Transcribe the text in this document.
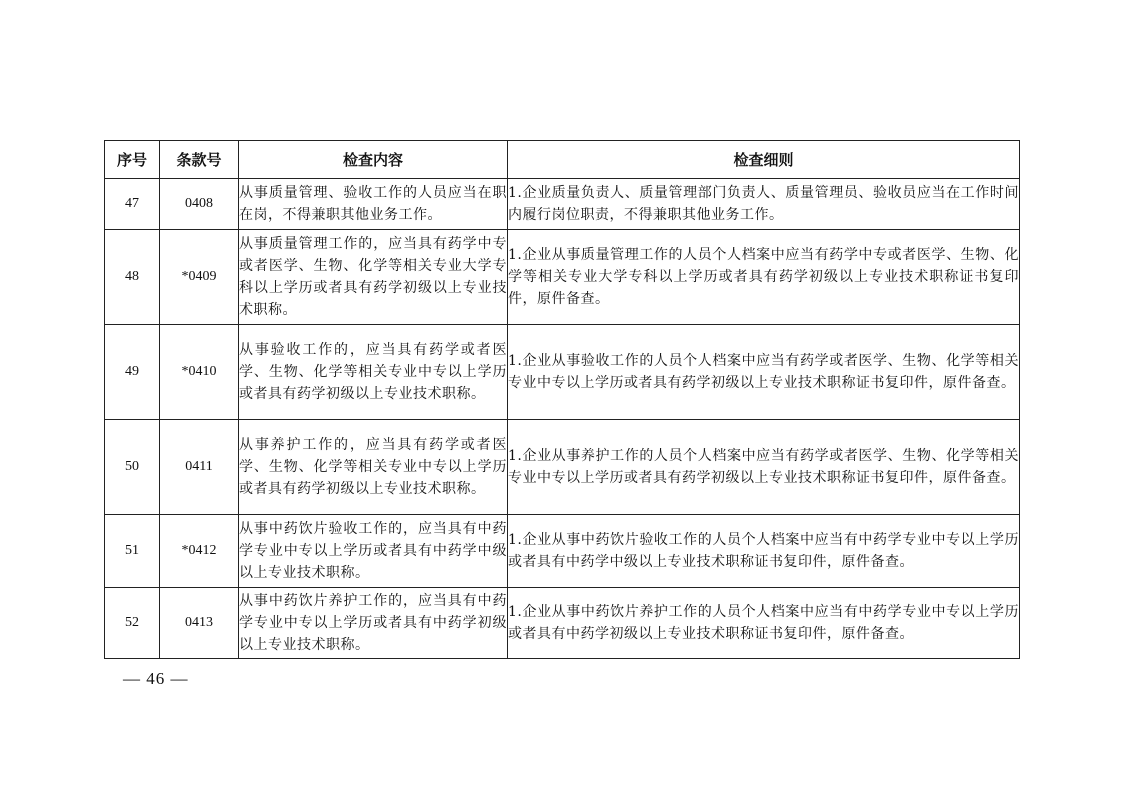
序号	条款号	检查内容	检查细则
47	0408	从事质量管理、验收工作的人员应当在职在岗，不得兼职其他业务工作。	1.企业质量负责人、质量管理部门负责人、质量管理员、验收员应当在工作时间内履行岗位职责，不得兼职其他业务工作。
48	*0409	从事质量管理工作的，应当具有药学中专或者医学、生物、化学等相关专业大学专科以上学历或者具有药学初级以上专业技术职称。	1.企业从事质量管理工作的人员个人档案中应当有药学中专或者医学、生物、化学等相关专业大学专科以上学历或者具有药学初级以上专业技术职称证书复印件，原件备查。
49	*0410	从事验收工作的，应当具有药学或者医学、生物、化学等相关专业中专以上学历或者具有药学初级以上专业技术职称。	1.企业从事验收工作的人员个人档案中应当有药学或者医学、生物、化学等相关专业中专以上学历或者具有药学初级以上专业技术职称证书复印件，原件备查。
50	0411	从事养护工作的，应当具有药学或者医学、生物、化学等相关专业中专以上学历或者具有药学初级以上专业技术职称。	1.企业从事养护工作的人员个人档案中应当有药学或者医学、生物、化学等相关专业中专以上学历或者具有药学初级以上专业技术职称证书复印件，原件备查。
51	*0412	从事中药饮片验收工作的，应当具有中药学专业中专以上学历或者具有中药学中级以上专业技术职称。	1.企业从事中药饮片验收工作的人员个人档案中应当有中药学专业中专以上学历或者具有中药学中级以上专业技术职称证书复印件，原件备查。
52	0413	从事中药饮片养护工作的，应当具有中药学专业中专以上学历或者具有中药学初级以上专业技术职称。	1.企业从事中药饮片养护工作的人员个人档案中应当有中药学专业中专以上学历或者具有中药学初级以上专业技术职称证书复印件，原件备查。
— 46 —
